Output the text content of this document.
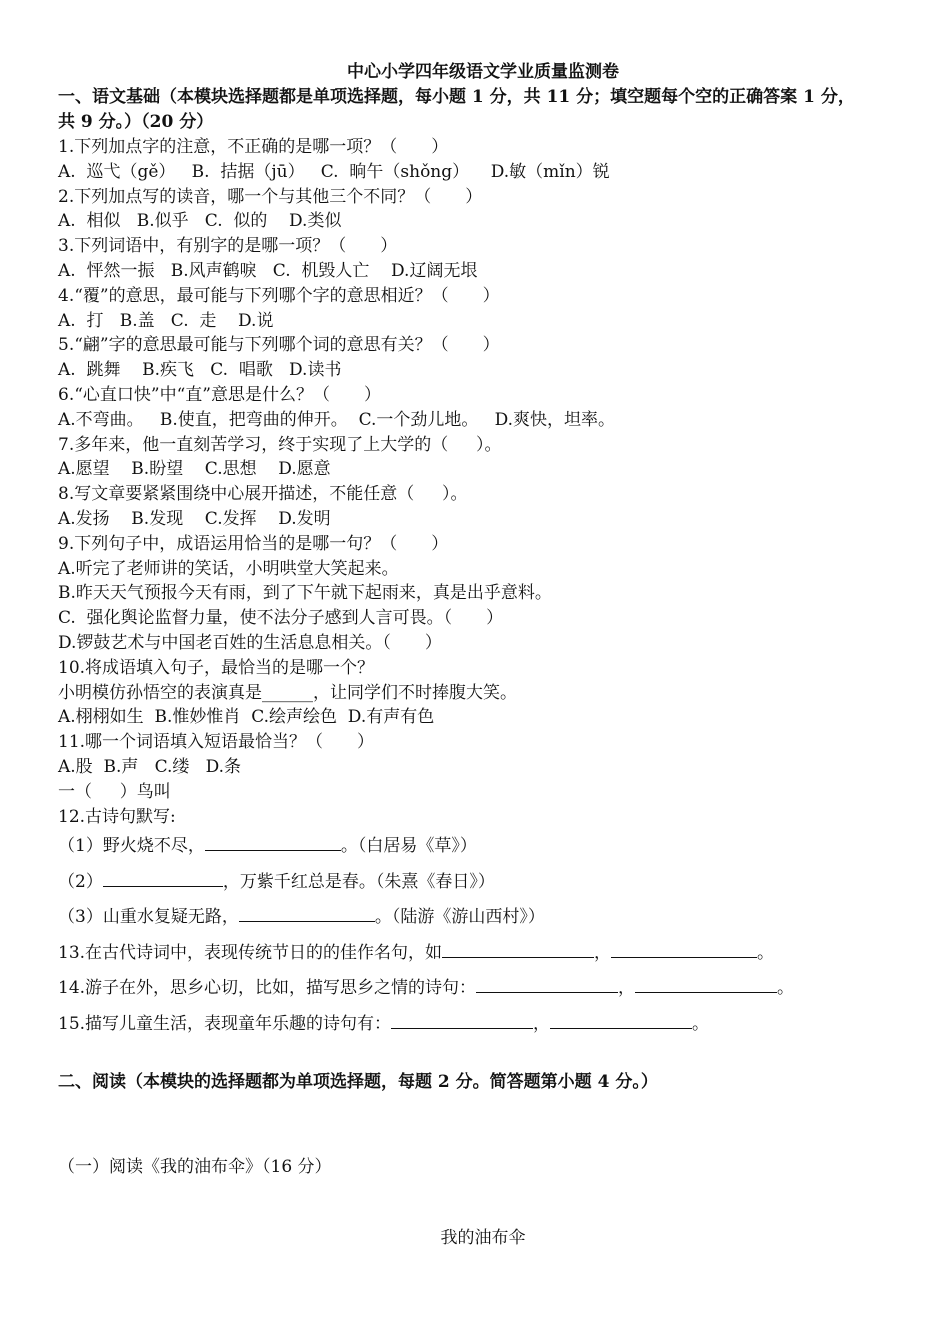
中心小学四年级语文学业质量监测卷
一、语文基础（本模块选择题都是单项选择题，每小题 1 分，共 11 分；填空题每个空的正确答案 1 分，
共 9 分。）（20 分）
1.下列加点字的注意，不正确的是哪一项？（　　）
A.  巡弋（gě）   B.  拮据（jū）   C.  晌午（shǒng）    D.敏（mǐn）锐
2.下列加点写的读音，哪一个与其他三个不同？（　　）
A.  相似   B.似乎   C.  似的    D.类似
3.下列词语中，有别字的是哪一项？（　　）
A.  怦然一振   B.风声鹤唳   C.  机毁人亡    D.辽阔无垠
4.“覆”的意思，最可能与下列哪个字的意思相近？（　　）
A.  打   B.盖   C.  走    D.说
5.“翩”字的意思最可能与下列哪个词的意思有关？（　　）
A.  跳舞    B.疾飞   C.  唱歌   D.读书
6.“心直口快”中“直”意思是什么？（　　）
A.不弯曲。   B.使直，把弯曲的伸开。  C.一个劲儿地。   D.爽快，坦率。
7.多年来，他一直刻苦学习，终于实现了上大学的（　  ）。
A.愿望    B.盼望    C.思想    D.愿意
8.写文章要紧紧围绕中心展开描述，不能任意（　  ）。
A.发扬    B.发现    C.发挥    D.发明
9.下列句子中，成语运用恰当的是哪一句？（　　）
A.听完了老师讲的笑话，小明哄堂大笑起来。
B.昨天天气预报今天有雨，到了下午就下起雨来，真是出乎意料。
C.  强化舆论监督力量，使不法分子感到人言可畏。（　　）
D.锣鼓艺术与中国老百姓的生活息息相关。（　　）
10.将成语填入句子，最恰当的是哪一个？
小明模仿孙悟空的表演真是______，让同学们不时捧腹大笑。
A.栩栩如生  B.惟妙惟肖  C.绘声绘色  D.有声有色
11.哪一个词语填入短语最恰当？（　　）
A.股  B.声   C.缕   D.条
一（　  ）鸟叫
12.古诗句默写:
（1）野火烧不尽，	。（白居易《草》）
（2）	，万紫千红总是春。（朱熹《春日》）
（3）山重水复疑无路，	。（陆游《游山西村》）
13.在古代诗词中，表现传统节日的的佳作名句，如	，	。
14.游子在外，思乡心切，比如，描写思乡之情的诗句：	，	。
15.描写儿童生活，表现童年乐趣的诗句有：	，	。
二、阅读（本模块的选择题都为单项选择题，每题 2 分。简答题第小题 4 分。）
（一）阅读《我的油布伞》（16 分）
我的油布伞
